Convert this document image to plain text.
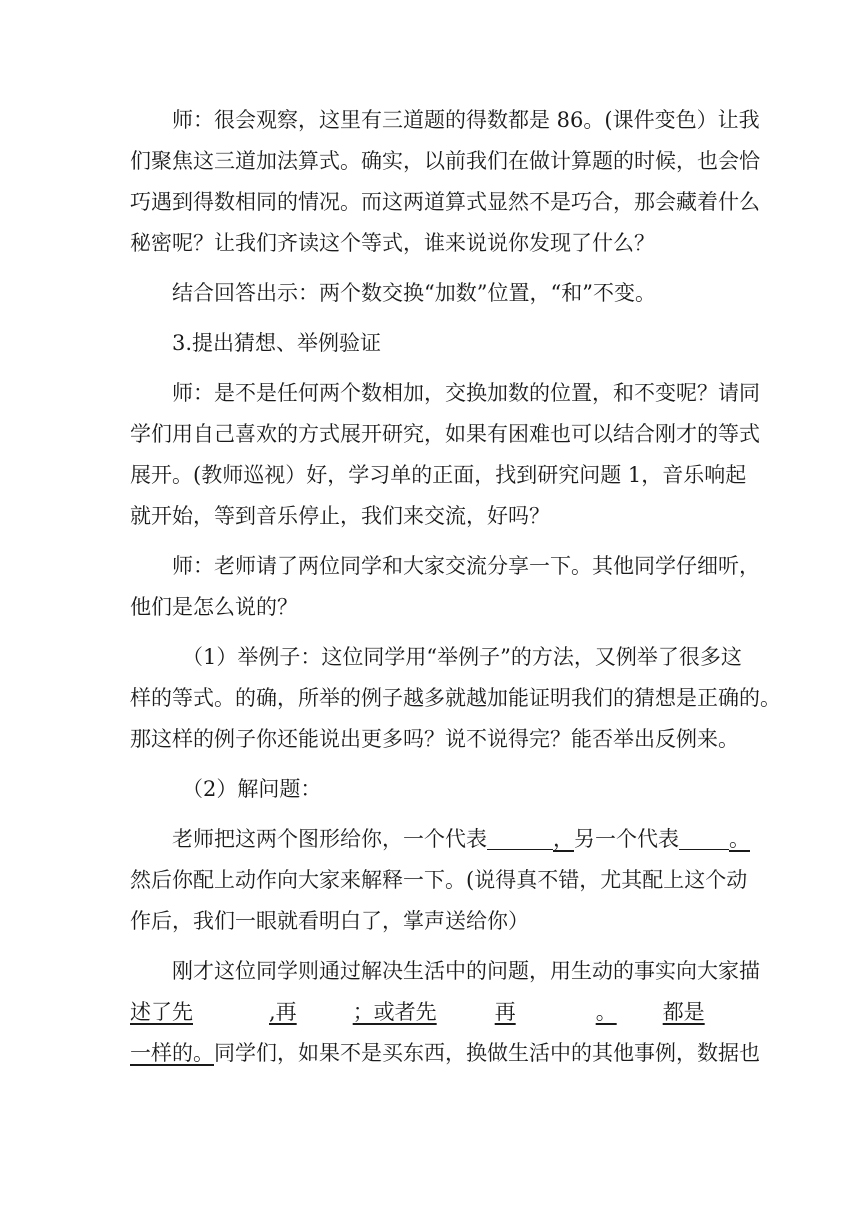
师：很会观察，这里有三道题的得数都是 86。(课件变色）让我
们聚焦这三道加法算式。确实，以前我们在做计算题的时候，也会恰
巧遇到得数相同的情况。而这两道算式显然不是巧合，那会藏着什么
秘密呢？让我们齐读这个等式，谁来说说你发现了什么？
结合回答出示：两个数交换“加数”位置，“和”不变。
3.提出猜想、举例验证
师：是不是任何两个数相加，交换加数的位置，和不变呢？请同
学们用自己喜欢的方式展开研究，如果有困难也可以结合刚才的等式
展开。(教师巡视）好，学习单的正面，找到研究问题 1，音乐响起
就开始，等到音乐停止，我们来交流，好吗？
师：老师请了两位同学和大家交流分享一下。其他同学仔细听，
他们是怎么说的？
（1）举例子：这位同学用“举例子”的方法，又例举了很多这
样的等式。的确，所举的例子越多就越加能证明我们的猜想是正确的。
那这样的例子你还能说出更多吗？说不说得完？能否举出反例来。
（2）解问题：
老师把这两个图形给你，一个代表	，另一个代表 。
然后你配上动作向大家来解释一下。(说得真不错，尤其配上这个动
作后，我们一眼就看明白了，掌声送给你）
刚才这位同学则通过解决生活中的问题，用生动的事实向大家描
述了先	,再	；或者先	再	。 都是
一样的。同学们，如果不是买东西，换做生活中的其他事例，数据也
